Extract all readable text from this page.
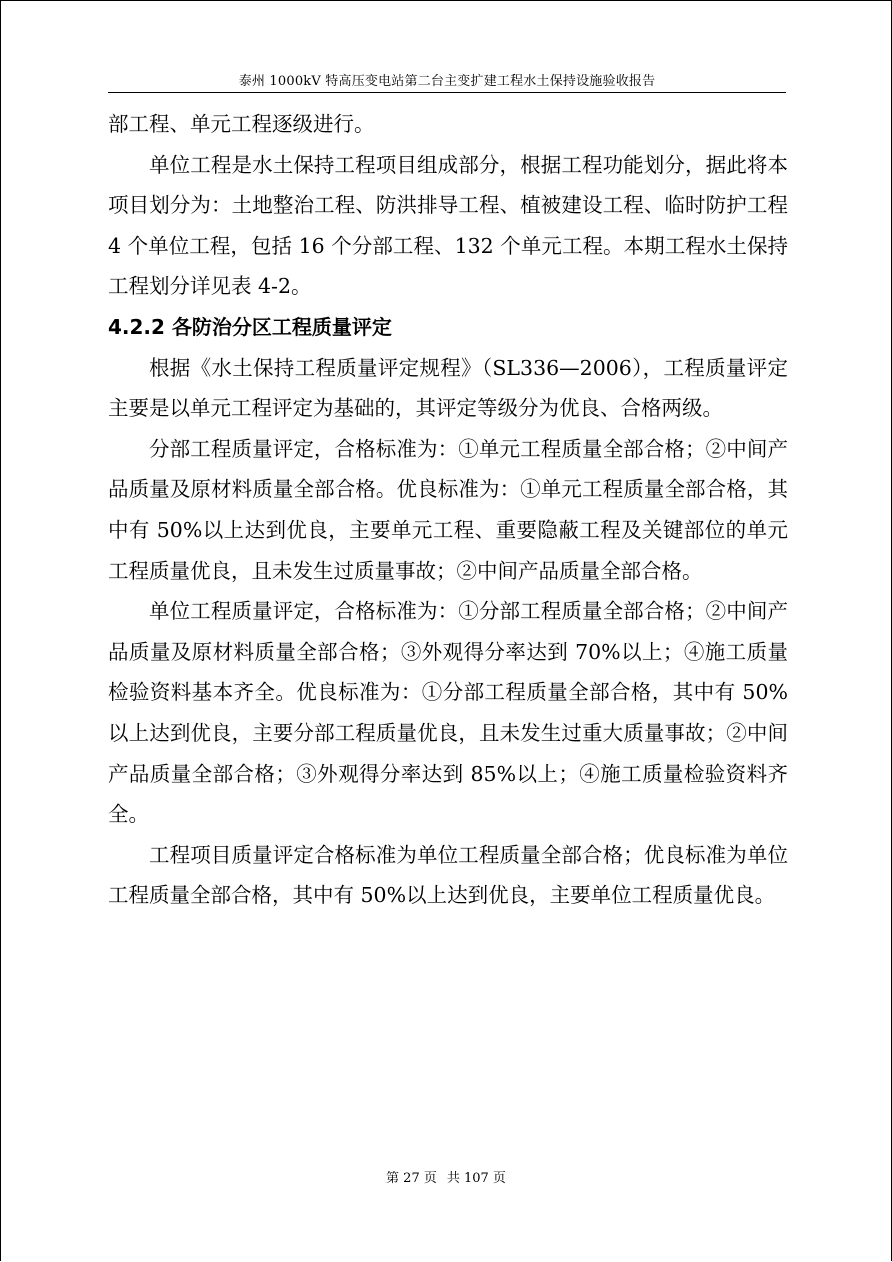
泰州 1000kV 特高压变电站第二台主变扩建工程水土保持设施验收报告

部工程、单元工程逐级进行。

单位工程是水土保持工程项目组成部分，根据工程功能划分，据此将本项目划分为：土地整治工程、防洪排导工程、植被建设工程、临时防护工程 4 个单位工程，包括 16 个分部工程、132 个单元工程。本期工程水土保持工程划分详见表 4-2。

4.2.2 各防治分区工程质量评定

根据《水土保持工程质量评定规程》（SL336—2006），工程质量评定主要是以单元工程评定为基础的，其评定等级分为优良、合格两级。

分部工程质量评定，合格标准为：①单元工程质量全部合格；②中间产品质量及原材料质量全部合格。优良标准为：①单元工程质量全部合格，其中有 50%以上达到优良，主要单元工程、重要隐蔽工程及关键部位的单元工程质量优良，且未发生过质量事故；②中间产品质量全部合格。

单位工程质量评定，合格标准为：①分部工程质量全部合格；②中间产品质量及原材料质量全部合格；③外观得分率达到 70%以上；④施工质量检验资料基本齐全。优良标准为：①分部工程质量全部合格，其中有 50%以上达到优良，主要分部工程质量优良，且未发生过重大质量事故；②中间产品质量全部合格；③外观得分率达到 85%以上；④施工质量检验资料齐全。

工程项目质量评定合格标准为单位工程质量全部合格；优良标准为单位工程质量全部合格，其中有 50%以上达到优良，主要单位工程质量优良。

第 27 页 共 107 页
